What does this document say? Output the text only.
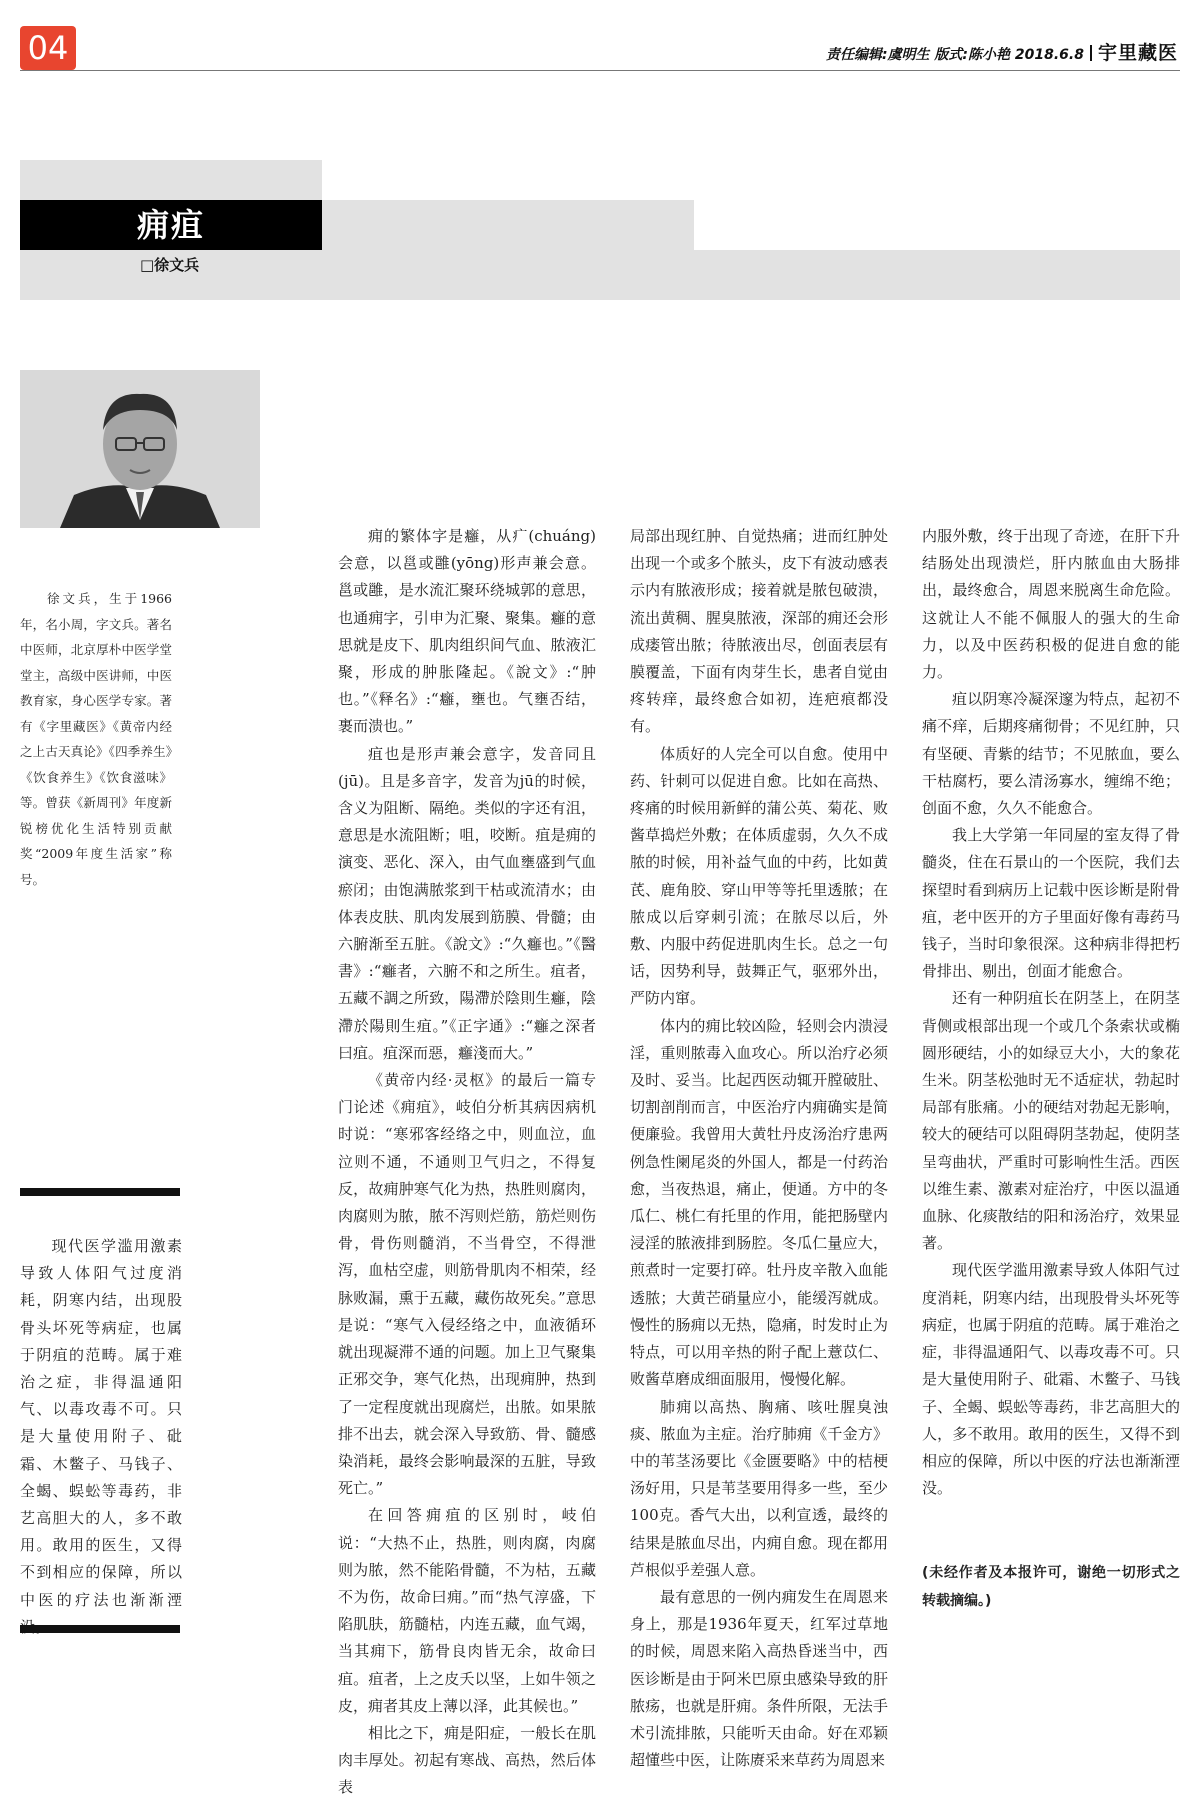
04	责任编辑:虞明生 版式:陈小艳 2018.6.8 宇里藏医
痈疽
□徐文兵
徐文兵，生于1966年，名小周，字文兵。著名中医师，北京厚朴中医学堂堂主，高级中医讲师，中医教育家，身心医学专家。著有《字里藏医》《黄帝内经之上古天真论》《四季养生》《饮食养生》《饮食滋味》等。曾获《新周刊》年度新锐榜优化生活特别贡献奖“2009年度生活家”称号。
现代医学滥用激素导致人体阳气过度消耗，阴寒内结，出现股骨头坏死等病症，也属于阴疽的范畴。属于难治之症，非得温通阳气、以毒攻毒不可。只是大量使用附子、砒霜、木鳖子、马钱子、全蝎、蜈蚣等毒药，非艺高胆大的人，多不敢用。敢用的医生，又得不到相应的保障，所以中医的疗法也渐渐湮

痈的繁体字是癰，从疒(chuáng)会意，以邕或雝(yōng)形声兼会意。邕或雝，是水流汇聚环绕城郭的意思，也通痈字，引申为汇聚、聚集。癰的意思就是皮下、肌肉组织间气血、脓液汇聚，形成的肿胀隆起。《說文》:“肿也。”《释名》:“癰，壅也。气壅否结，裹而溃也。”

疽也是形声兼会意字，发音同且(jū)。且是多音字，发音为jū的时候，含义为阻断、隔绝。类似的字还有沮，意思是水流阻断；咀，咬断。疽是痈的演变、恶化、深入，由气血壅盛到气血瘀闭；由饱满脓浆到干枯或流清水；由体表皮肤、肌肉发展到筋膜、骨髓；由六腑渐至五脏。《說文》:“久癰也。”《醫書》:“癰者，六腑不和之所生。疽者，五藏不調之所致，陽滯於陰則生癰，陰滯於陽則生疽。”《正字通》:“癰之深者曰疽。疽深而惡，癰淺而大。”

《黄帝内经·灵枢》的最后一篇专门论述《痈疽》，岐伯分析其病因病机时说：“寒邪客经络之中，则血泣，血泣则不通，不通则卫气归之，不得复反，故痈肿寒气化为热，热胜则腐肉，肉腐则为脓，脓不泻则烂筋，筋烂则伤骨，骨伤则髓消，不当骨空，不得泄泻，血枯空虚，则筋骨肌肉不相荣，经脉败漏，熏于五藏，藏伤故死矣。”意思是说：“寒气入侵经络之中，血液循环就出现凝滞不通的问题。加上卫气聚集正邪交争，寒气化热，出现痈肿，热到了一定程度就出现腐烂，出脓。如果脓排不出去，就会深入导致筋、骨、髓感染消耗，最终会影响最深的五脏，导致死亡。”

在回答痈疽的区别时，岐伯说：“大热不止，热胜，则肉腐，肉腐则为脓，然不能陷骨髓，不为枯，五藏不为伤，故命曰痈。”而“热气淳盛，下陷肌肤，筋髓枯，内连五藏，血气竭，当其痈下，筋骨良肉皆无余，故命曰疽。疽者，上之皮夭以坚，上如牛领之皮，痈者其皮上薄以泽，此其候也。”

相比之下，痈是阳症，一般长在肌肉丰厚处。初起有寒战、高热，然后体表

局部出现红肿、自觉热痛；进而红肿处出现一个或多个脓头，皮下有波动感表示内有脓液形成；接着就是脓包破溃，流出黄稠、腥臭脓液，深部的痈还会形成瘘管出脓；待脓液出尽，创面表层有膜覆盖，下面有肉芽生长，患者自觉由疼转痒，最终愈合如初，连疤痕都没有。

体质好的人完全可以自愈。使用中药、针刺可以促进自愈。比如在高热、疼痛的时候用新鲜的蒲公英、菊花、败酱草捣烂外敷；在体质虚弱，久久不成脓的时候，用补益气血的中药，比如黄芪、鹿角胶、穿山甲等等托里透脓；在脓成以后穿刺引流；在脓尽以后，外敷、内服中药促进肌肉生长。总之一句话，因势利导，鼓舞正气，驱邪外出，严防内窜。

体内的痈比较凶险，轻则会内溃浸淫，重则脓毒入血攻心。所以治疗必须及时、妥当。比起西医动辄开膛破肚、切割剖削而言，中医治疗内痈确实是简便廉验。我曾用大黄牡丹皮汤治疗患两例急性阑尾炎的外国人，都是一付药治愈，当夜热退，痛止，便通。方中的冬瓜仁、桃仁有托里的作用，能把肠壁内浸淫的脓液排到肠腔。冬瓜仁量应大，煎煮时一定要打碎。牡丹皮辛散入血能透脓；大黄芒硝量应小，能缓泻就成。慢性的肠痈以无热，隐痛，时发时止为特点，可以用辛热的附子配上薏苡仁、败酱草磨成细面服用，慢慢化解。

肺痈以高热、胸痛、咳吐腥臭浊痰、脓血为主症。治疗肺痈《千金方》中的苇茎汤要比《金匮要略》中的桔梗汤好用，只是苇茎要用得多一些，至少100克。香气大出，以利宣透，最终的结果是脓血尽出，内痈自愈。现在都用芦根似乎差强人意。

最有意思的一例内痈发生在周恩来身上，那是1936年夏天，红军过草地的时候，周恩来陷入高热昏迷当中，西医诊断是由于阿米巴原虫感染导致的肝脓疡，也就是肝痈。条件所限，无法手术引流排脓，只能听天由命。好在邓颖超懂些中医，让陈赓采来草药为周恩来

内服外敷，终于出现了奇迹，在肝下升结肠处出现溃烂，肝内脓血由大肠排出，最终愈合，周恩来脱离生命危险。这就让人不能不佩服人的强大的生命力，以及中医药积极的促进自愈的能力。

疽以阴寒冷凝深邃为特点，起初不痛不痒，后期疼痛彻骨；不见红肿，只有坚硬、青紫的结节；不见脓血，要么干枯腐朽，要么清汤寡水，缠绵不绝；创面不愈，久久不能愈合。

我上大学第一年同屋的室友得了骨髓炎，住在石景山的一个医院，我们去探望时看到病历上记载中医诊断是附骨疽，老中医开的方子里面好像有毒药马钱子，当时印象很深。这种病非得把朽骨排出、剔出，创面才能愈合。

还有一种阴疽长在阴茎上，在阴茎背侧或根部出现一个或几个条索状或椭圆形硬结，小的如绿豆大小，大的象花生米。阴茎松弛时无不适症状，勃起时局部有胀痛。小的硬结对勃起无影响，较大的硬结可以阻碍阴茎勃起，使阴茎呈弯曲状，严重时可影响性生活。西医以维生素、激素对症治疗，中医以温通血脉、化痰散结的阳和汤治疗，效果显著。

现代医学滥用激素导致人体阳气过度消耗，阴寒内结，出现股骨头坏死等病症，也属于阴疽的范畴。属于难治之症，非得温通阳气、以毒攻毒不可。只是大量使用附子、砒霜、木鳖子、马钱子、全蝎、蜈蚣等毒药，非艺高胆大的人，多不敢用。敢用的医生，又得不到相应的保障，所以中医的疗法也渐渐湮没。

(未经作者及本报许可，谢绝一切形式之转载摘编。)
